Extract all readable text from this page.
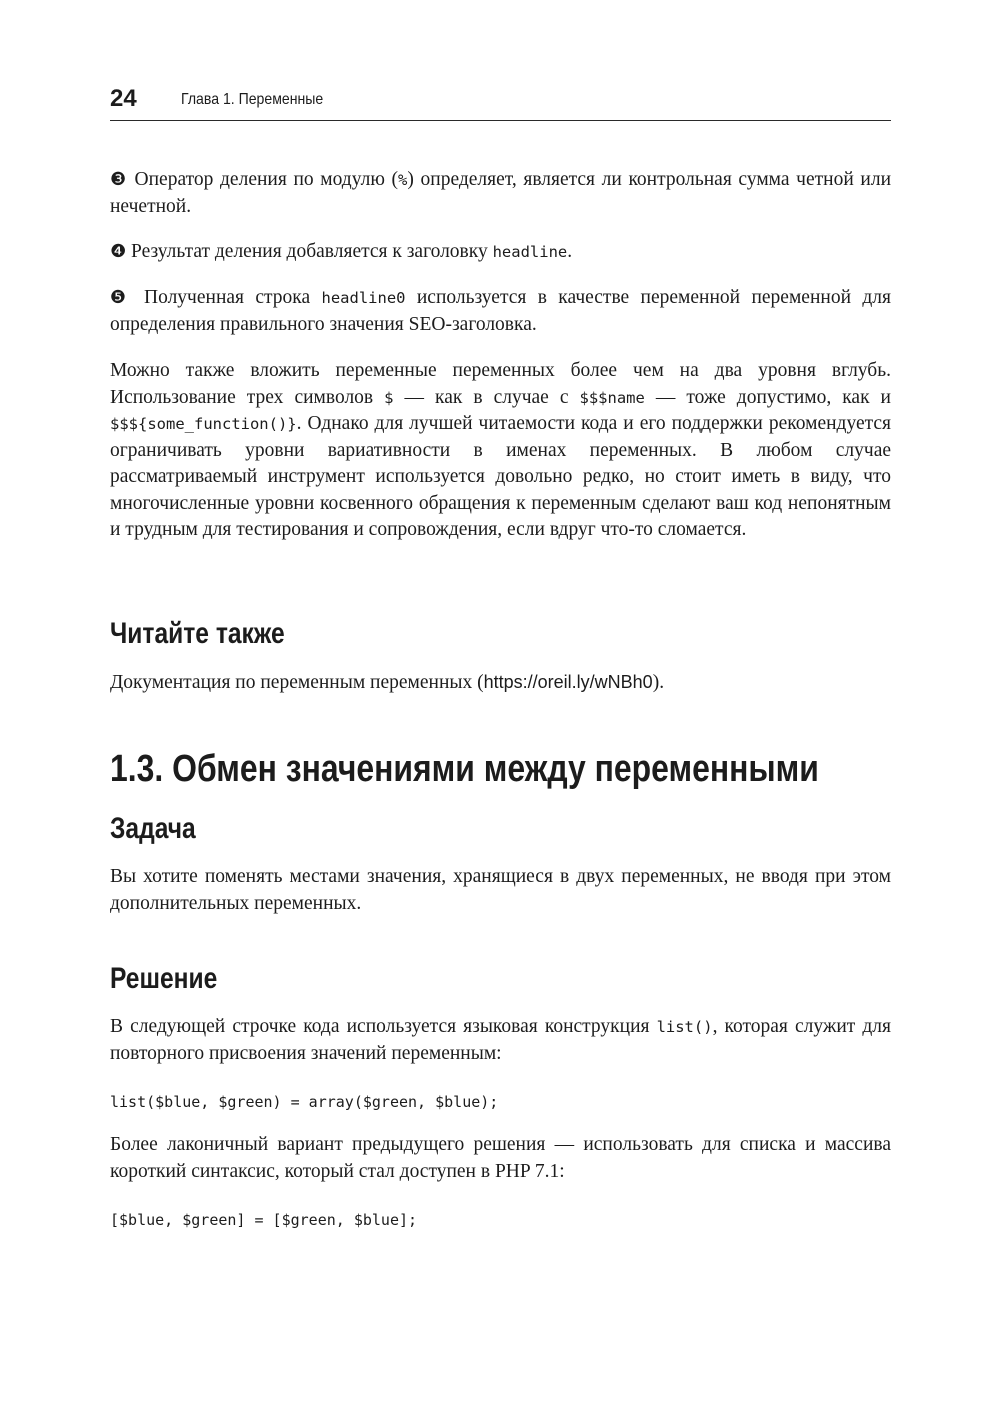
24	Глава 1. Переменные

❸ Оператор деления по модулю (%) определяет, является ли контрольная сумма четной или нечетной.

❹ Результат деления добавляется к заголовку headline.

❺ Полученная строка headline0 используется в качестве переменной переменной для определения правильного значения SEO-заголовка.

Можно также вложить переменные переменных более чем на два уровня вглубь. Использование трех символов $ — как в случае с $$$name — тоже допустимо, как и $$${some_function()}. Однако для лучшей читаемости кода и его поддержки рекомендуется ограничивать уровни вариативности в именах переменных. В любом случае рассматриваемый инструмент используется довольно редко, но стоит иметь в виду, что многочисленные уровни косвенного обращения к переменным сделают ваш код непонятным и трудным для тестирования и сопровождения, если вдруг что-то сломается.

Читайте также

Документация по переменным переменных (https://oreil.ly/wNBh0).

1.3. Обмен значениями между переменными
Задача

Вы хотите поменять местами значения, хранящиеся в двух переменных, не вводя при этом дополнительных переменных.

Решение

В следующей строчке кода используется языковая конструкция list(), которая служит для повторного присвоения значений переменным:

list($blue, $green) = array($green, $blue);

Более лаконичный вариант предыдущего решения — использовать для списка и массива короткий синтаксис, который стал доступен в PHP 7.1:

[$blue, $green] = [$green, $blue];
